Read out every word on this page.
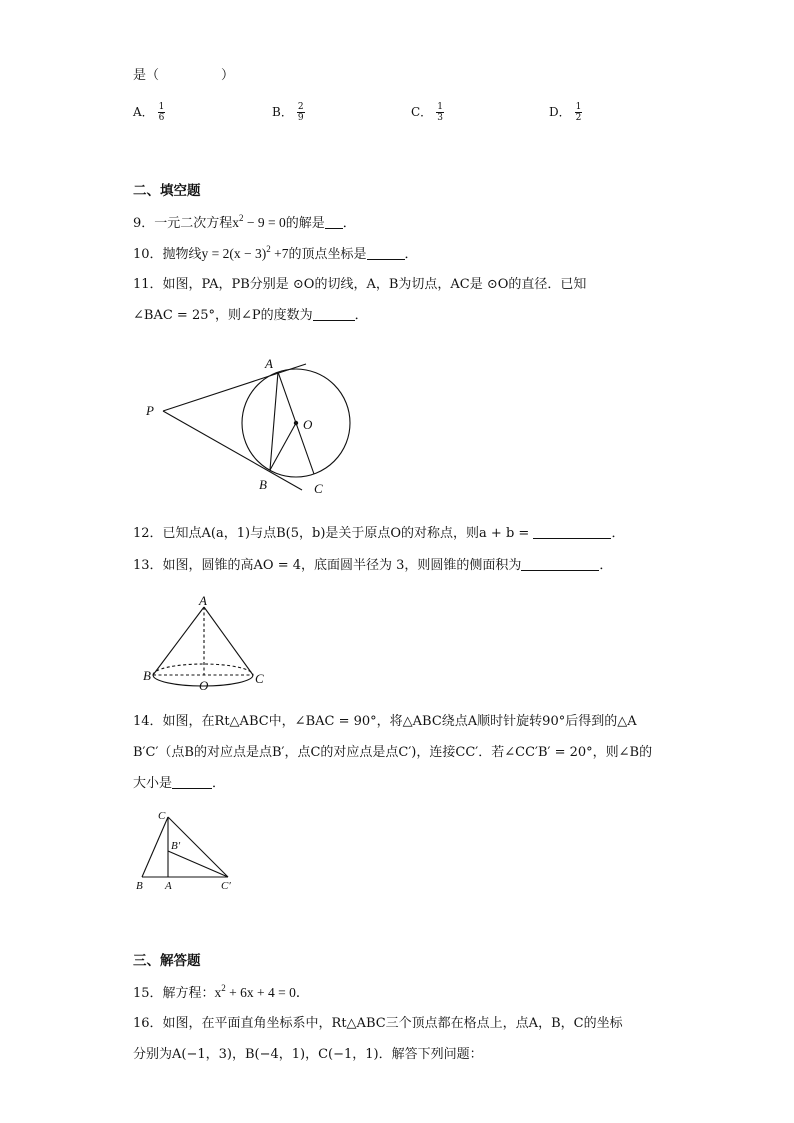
是（	）
A． $\frac{1}{6}$	B． $\frac{2}{9}$	C． $\frac{1}{3}$	D． $\frac{1}{2}$
二、填空题
9．一元二次方程$x^2 - 9 = 0$的解是 ．
10．抛物线$y = 2(x - 3)^2 +7$的顶点坐标是	．
11．如图，PA，PB分别是 ⊙O的切线，A，B为切点，AC是 ⊙O的直径．已知
∠BAC = 25°，则∠P的度数为	．
P
A
O
B	C
12．已知点A(a，1)与点B(5，b)是关于原点O的对称点，则a + b =	．
13．如图，圆锥的高AO = 4，底面圆半径为 3，则圆锥的侧面积为	．
A
B
O	C
14．如图，在Rt△ABC中，∠BAC = 90°，将△ABC绕点A顺时针旋转90°后得到的△A
B′C′（点B的对应点是点B′，点C的对应点是点C′)，连接CC′．若∠CC′B′ = 20°，则∠B的
大小是	．
C
B′
B A	C′
三、解答题
15．解方程：$x^2 + 6x + 4 = 0$．
16．如图，在平面直角坐标系中，Rt△ABC三个顶点都在格点上，点A，B，C的坐标
分别为A(−1，3)，B(−4，1)，C(−1，1)．解答下列问题：
